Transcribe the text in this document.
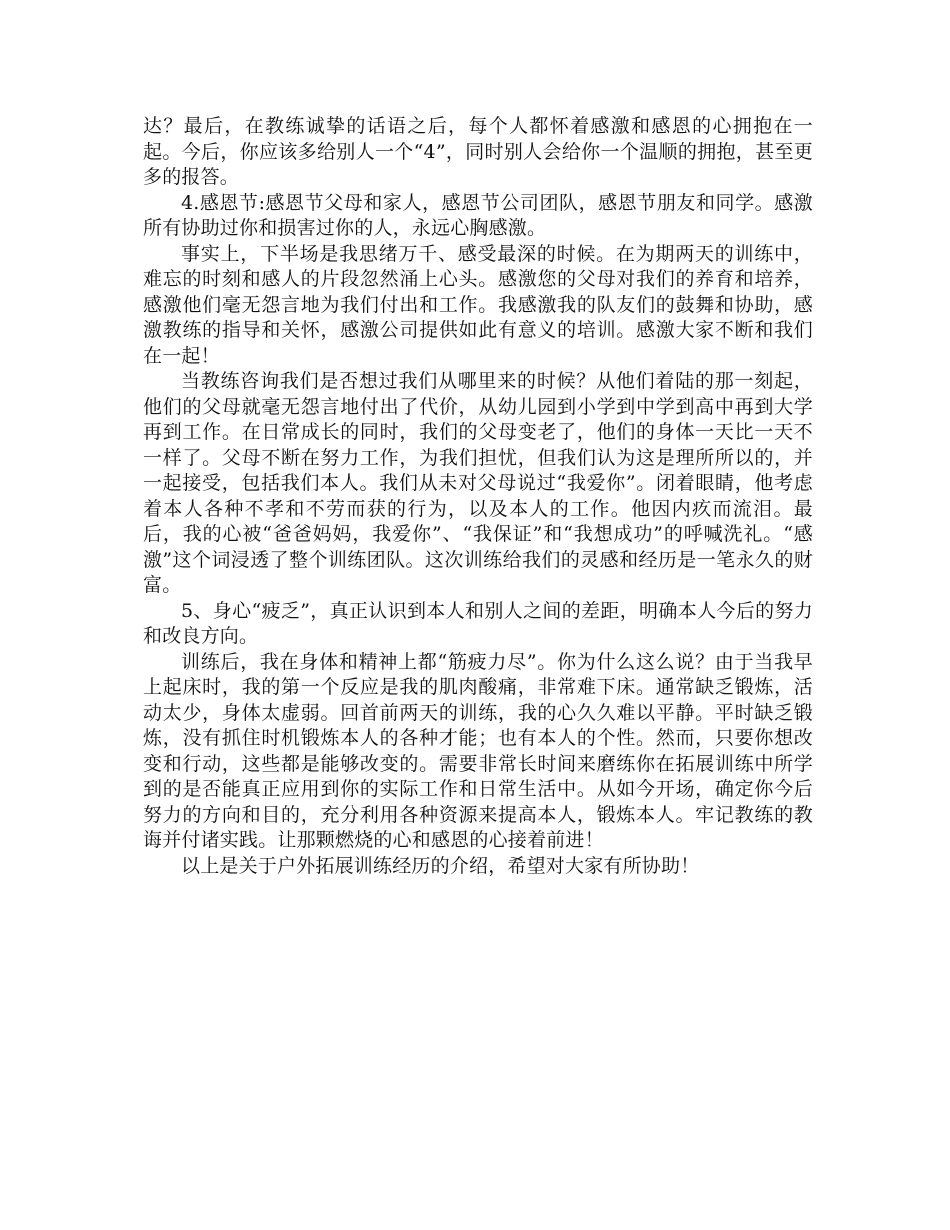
达？最后，在教练诚挚的话语之后，每个人都怀着感激和感恩的心拥抱在一起。今后，你应该多给别人一个“4”，同时别人会给你一个温顺的拥抱，甚至更多的报答。

4.感恩节:感恩节父母和家人，感恩节公司团队，感恩节朋友和同学。感激所有协助过你和损害过你的人，永远心胸感激。

事实上，下半场是我思绪万千、感受最深的时候。在为期两天的训练中，难忘的时刻和感人的片段忽然涌上心头。感激您的父母对我们的养育和培养，感激他们毫无怨言地为我们付出和工作。我感激我的队友们的鼓舞和协助，感激教练的指导和关怀，感激公司提供如此有意义的培训。感激大家不断和我们在一起！

当教练咨询我们是否想过我们从哪里来的时候？从他们着陆的那一刻起，他们的父母就毫无怨言地付出了代价，从幼儿园到小学到中学到高中再到大学再到工作。在日常成长的同时，我们的父母变老了，他们的身体一天比一天不一样了。父母不断在努力工作，为我们担忧，但我们认为这是理所所以的，并一起接受，包括我们本人。我们从未对父母说过“我爱你”。闭着眼睛，他考虑着本人各种不孝和不劳而获的行为，以及本人的工作。他因内疚而流泪。最后，我的心被“爸爸妈妈，我爱你”、“我保证”和“我想成功”的呼喊洗礼。“感激”这个词浸透了整个训练团队。这次训练给我们的灵感和经历是一笔永久的财富。

5、身心“疲乏”，真正认识到本人和别人之间的差距，明确本人今后的努力和改良方向。

训练后，我在身体和精神上都“筋疲力尽”。你为什么这么说？由于当我早上起床时，我的第一个反应是我的肌肉酸痛，非常难下床。通常缺乏锻炼，活动太少，身体太虚弱。回首前两天的训练，我的心久久难以平静。平时缺乏锻炼，没有抓住时机锻炼本人的各种才能；也有本人的个性。然而，只要你想改变和行动，这些都是能够改变的。需要非常长时间来磨练你在拓展训练中所学到的是否能真正应用到你的实际工作和日常生活中。从如今开场，确定你今后努力的方向和目的，充分利用各种资源来提高本人，锻炼本人。牢记教练的教诲并付诸实践。让那颗燃烧的心和感恩的心接着前进！

以上是关于户外拓展训练经历的介绍，希望对大家有所协助！
